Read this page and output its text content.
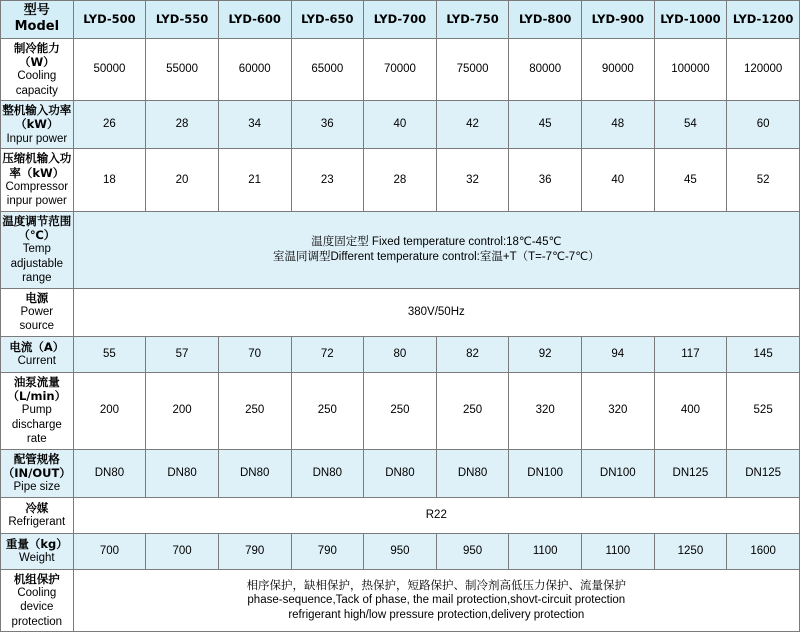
型号
Model	LYD-500	LYD-550	LYD-600	LYD-650	LYD-700	LYD-750	LYD-800	LYD-900	LYD-1000	LYD-1200

制冷能力（W）
Cooling capacity	50000	55000	60000	65000	70000	75000	80000	90000	100000	120000

整机输入功率（kW）
Inpur power	26	28	34	36	40	42	45	48	54	60

压缩机输入功率（kW）
Compressor inpur power	18	20	21	23	28	32	36	40	45	52

温度调节范围（℃）
Temp adjustable range	温度固定型 Fixed temperature control:18℃-45℃
室温同调型Different temperature control:室温+T（T=-7℃-7℃）									

电源
Power source	380V/50Hz									

电流（A）
Current	55	57	70	72	80	82	92	94	117	145

油泵流量（L/min）
Pump discharge rate	200	200	250	250	250	250	320	320	400	525

配管规格（IN/OUT）
Pipe size	DN80	DN80	DN80	DN80	DN80	DN80	DN100	DN100	DN125	DN125

冷媒
Refrigerant	R22									

重量（kg）
Weight	700	700	790	790	950	950	1100	1100	1250	1600

机组保护
Cooling device protection	相序保护，缺相保护，热保护，短路保护、制冷剂高低压力保护、流量保护
phase-sequence,Tack of phase, the mail protection,shovt-circuit protection
refrigerant high/low pressure protection,delivery protection									
